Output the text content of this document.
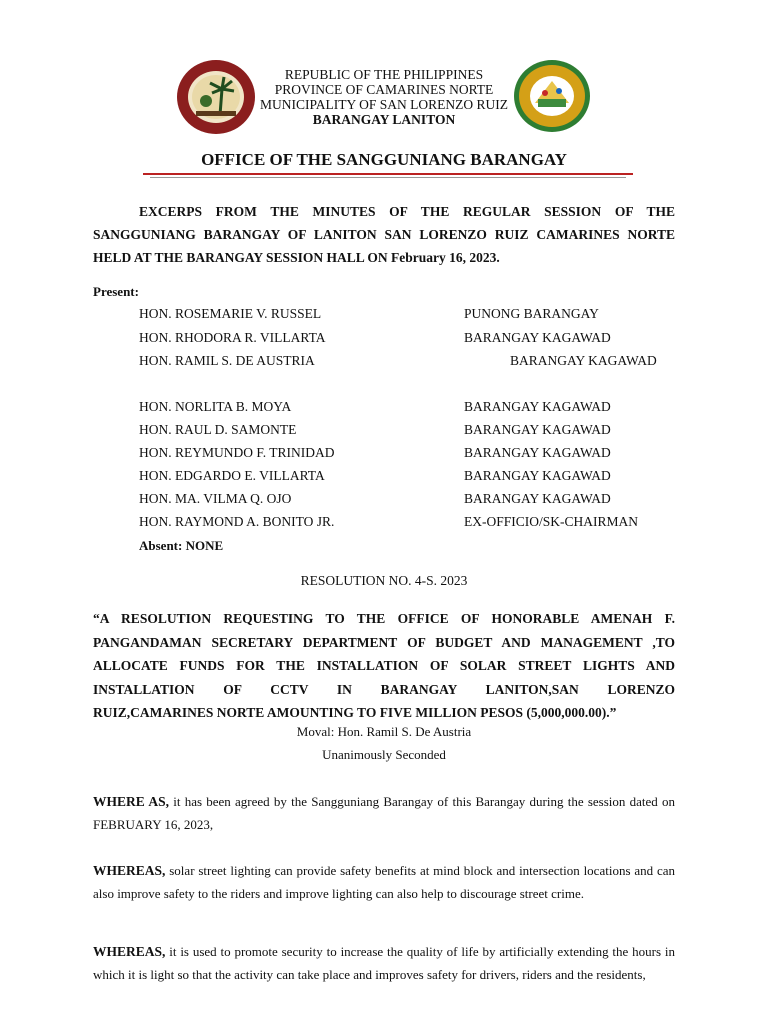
REPUBLIC OF THE PHILIPPINES
PROVINCE OF CAMARINES NORTE
MUNICIPALITY OF SAN LORENZO RUIZ
BARANGAY LANITON
OFFICE OF THE SANGGUNIANG BARANGAY
EXCERPS FROM THE MINUTES OF THE REGULAR SESSION OF THE SANGGUNIANG BARANGAY OF LANITON SAN LORENZO RUIZ CAMARINES NORTE HELD AT THE BARANGAY SESSION HALL ON February 16, 2023.
Present:
HON. ROSEMARIE V. RUSSEL	PUNONG BARANGAY
HON. RHODORA R. VILLARTA	BARANGAY KAGAWAD
HON. RAMIL S. DE AUSTRIA	BARANGAY KAGAWAD
HON. NORLITA B. MOYA	BARANGAY KAGAWAD
HON. RAUL D. SAMONTE	BARANGAY KAGAWAD
HON. REYMUNDO F. TRINIDAD	BARANGAY KAGAWAD
HON. EDGARDO E. VILLARTA	BARANGAY KAGAWAD
HON. MA. VILMA Q. OJO	BARANGAY KAGAWAD
HON. RAYMOND A. BONITO JR.	EX-OFFICIO/SK-CHAIRMAN
Absent: NONE
RESOLUTION NO. 4-S. 2023
“A RESOLUTION REQUESTING TO THE OFFICE OF HONORABLE AMENAH F.
PANGANDAMAN SECRETARY DEPARTMENT OF BUDGET AND MANAGEMENT ,TO
ALLOCATE FUNDS FOR THE INSTALLATION OF SOLAR STREET LIGHTS AND
INSTALLATION OF CCTV IN BARANGAY LANITON,SAN LORENZO
RUIZ,CAMARINES NORTE AMOUNTING TO FIVE MILLION PESOS (5,000,000.00).”
Moval: Hon. Ramil S. De Austria
Unanimously Seconded
WHERE AS, it has been agreed by the Sangguniang Barangay of this Barangay during the session dated on FEBRUARY 16, 2023,
WHEREAS, solar street lighting can provide safety benefits at mind block and intersection locations and can also improve safety to the riders and improve lighting can also help to discourage street crime.
WHEREAS, it is used to promote security to increase the quality of life by artificially extending the hours in which it is light so that the activity can take place and improves safety for drivers, riders and the residents,
